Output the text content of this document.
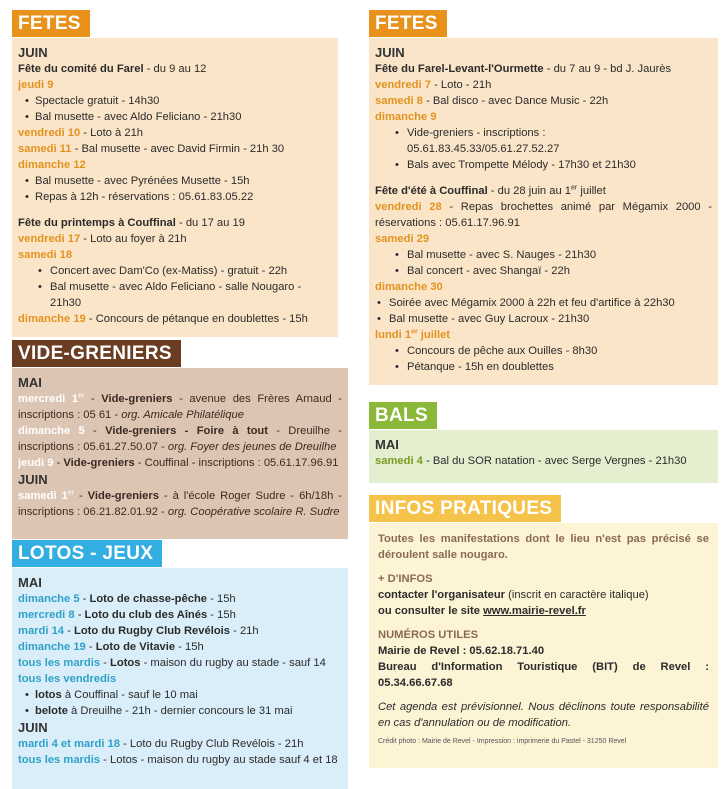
FETES
JUIN
Fête du comité du Farel - du 9 au 12
jeudi 9
• Spectacle gratuit - 14h30
• Bal musette - avec Aldo Feliciano - 21h30
vendredi 10 - Loto à 21h
samedi 11 - Bal musette - avec David Firmin - 21h 30
dimanche 12
• Bal musette - avec Pyrénées Musette - 15h
• Repas à 12h - réservations : 05.61.83.05.22
Fête du printemps à Couffinal - du 17 au 19
vendredi 17 - Loto au foyer à 21h
samedi 18
• Concert avec Dam'Co (ex-Matiss) - gratuit - 22h
• Bal musette - avec Aldo Feliciano - salle Nougaro -
21h30
dimanche 19 - Concours de pétanque en doublettes - 15h
VIDE-GRENIERS
MAI
mercredi 1er - Vide-greniers - avenue des Frères Arnaud - inscriptions : 05 61 - org. Amicale Philatélique
dimanche 5 - Vide-greniers - Foire à tout - Dreuilhe - inscriptions : 05.61.27.50.07 - org. Foyer des jeunes de Dreuilhe
jeudi 9 - Vide-greniers - Couffinal - inscriptions : 05.61.17.96.91
JUIN
samedi 1er - Vide-greniers - à l'école Roger Sudre - 6h/18h - inscriptions : 06.21.82.01.92 - org. Coopérative scolaire R. Sudre
LOTOS - JEUX
MAI
dimanche 5 - Loto de chasse-pêche - 15h
mercredi 8 - Loto du club des Aînés - 15h
mardi 14 - Loto du Rugby Club Revélois - 21h
dimanche 19 - Loto de Vitavie - 15h
tous les mardis - Lotos - maison du rugby au stade - sauf 14
tous les vendredis
• lotos à Couffinal - sauf le 10 mai
• belote à Dreuilhe - 21h - dernier concours le 31 mai
JUIN
mardi 4 et mardi 18 - Loto du Rugby Club Revélois - 21h
tous les mardis - Lotos - maison du rugby au stade sauf 4 et 18
FETES
JUIN
Fête du Farel-Levant-l'Ourmette - du 7 au 9 - bd J. Jaurès
vendredi 7 - Loto - 21h
samedi 8 - Bal disco - avec Dance Music - 22h
dimanche 9
• Vide-greniers - inscriptions :
05.61.83.45.33/05.61.27.52.27
• Bals avec Trompette Mélody - 17h30 et 21h30
Fête d'été à Couffinal - du 28 juin au 1er juillet
vendredi 28 - Repas brochettes animé par Mégamix 2000 - réservations : 05.61.17.96.91
samedi 29
• Bal musette - avec S. Nauges - 21h30
• Bal concert - avec Shangaï - 22h
dimanche 30
• Soirée avec Mégamix 2000 à 22h et feu d'artifice à 22h30
• Bal musette - avec Guy Lacroux - 21h30
lundi 1er juillet
• Concours de pêche aux Ouilles - 8h30
• Pétanque - 15h en doublettes
BALS
MAI
samedi 4 - Bal du SOR natation - avec Serge Vergnes - 21h30
INFOS PRATIQUES
Toutes les manifestations dont le lieu n'est pas précisé se déroulent salle nougaro.
+ D'INFOS
contacter l'organisateur (inscrit en caractère italique)
ou consulter le site www.mairie-revel.fr
NUMÉROS UTILES
Mairie de Revel : 05.62.18.71.40
Bureau d'Information Touristique (BIT) de Revel : 05.34.66.67.68
Cet agenda est prévisionnel. Nous déclinons toute responsabilité en cas d'annulation ou de modification.
Crédit photo : Mairie de Revel - Impression : imprimerie du Pastel - 31250 Revel
